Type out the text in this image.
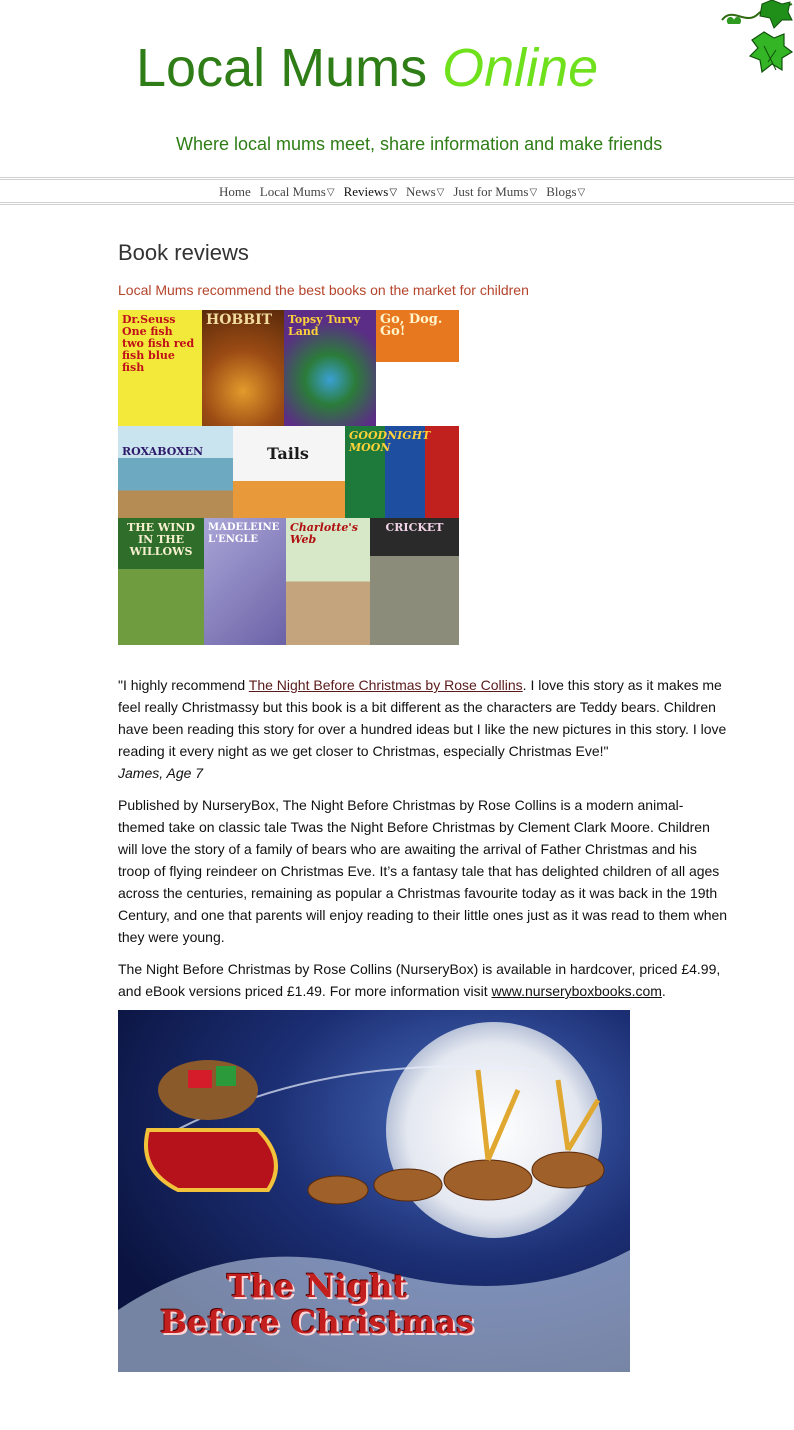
Local Mums Online
Where local mums meet, share information and make friends
Home Local Mums ▽ Reviews ▽ News ▽ Just for Mums ▽ Blogs ▽
Book reviews
Local Mums recommend the best books on the market for children
Dr.Seuss One fish two fish red fish blue fish
HOBBIT	Topsy Turvy Land
Go, Dog. Go!
ROXABOXEN	Tails
GOODNIGHT MOON
THE WIND IN THE WILLOWS
MADELEINE L'ENGLE
Charlotte's Web
CRICKET

"I highly recommend The Night Before Christmas by Rose Collins. I love this story as it makes me feel really Christmassy but this book is a bit different as the characters are Teddy bears. Children have been reading this story for over a hundred ideas but I like the new pictures in this story. I love reading it every night as we get closer to Christmas, especially Christmas Eve!"
James, Age 7

Published by NurseryBox, The Night Before Christmas by Rose Collins is a modern animal-themed take on classic tale Twas the Night Before Christmas by Clement Clark Moore. Children will love the story of a family of bears who are awaiting the arrival of Father Christmas and his troop of flying reindeer on Christmas Eve. It’s a fantasy tale that has delighted children of all ages across the centuries, remaining as popular a Christmas favourite today as it was back in the 19th Century, and one that parents will enjoy reading to their little ones just as it was read to them when they were young.

The Night Before Christmas by Rose Collins (NurseryBox) is available in hardcover, priced £4.99, and eBook versions priced £1.49. For more information visit www.nurseryboxbooks.com.

The Night
Before Christmas
